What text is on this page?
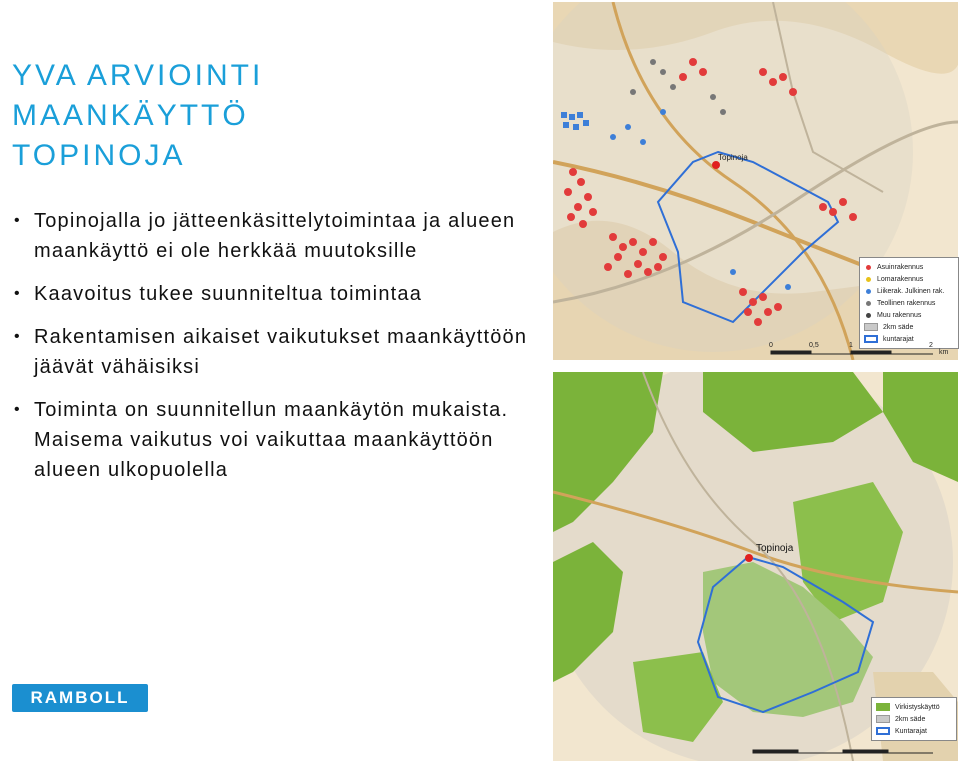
YVA ARVIOINTI
MAANKÄYTTÖ
TOPINOJA
• Topinojalla jo jätteenkäsittelytoimintaa ja alueen maankäyttö ei ole herkkää muutoksille
• Kaavoitus tukee suunniteltua toimintaa
• Rakentamisen aikaiset vaikutukset maankäyttöön jäävät vähäisiksi
• Toiminta on suunnitellun maankäytön mukaista. Maisema vaikutus voi vaikuttaa maankäyttöön alueen ulkopuolella
RAMBOLL
Topinoja
Asuinrakennus
Lomarakennus
Liikerak. Julkinen rak.
Teollinen rakennus
Muu rakennus
2km säde
kuntarajat
0	0,5	1	2
km
Topinoja
Virkistyskäyttö
2km säde
Kuntarajat
